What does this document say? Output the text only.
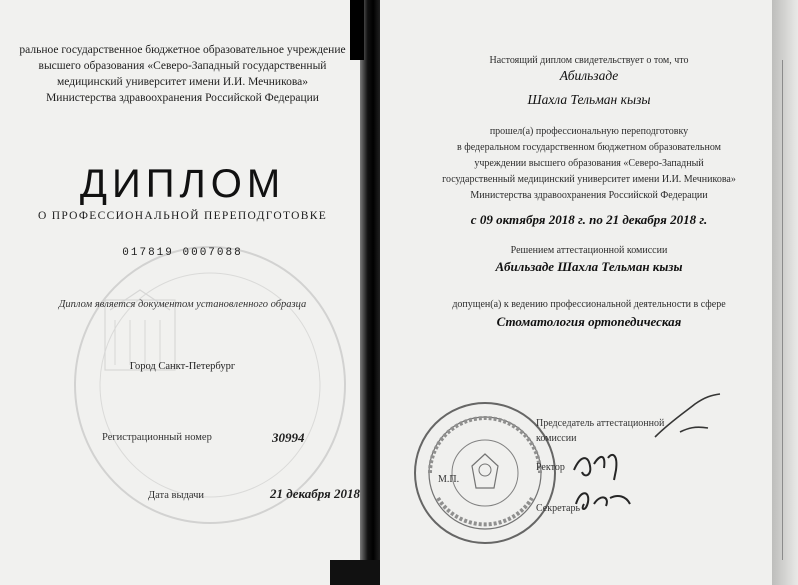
ральное государственное бюджетное образовательное учреждение
высшего образования «Северо-Западный государственный
медицинский университет имени И.И. Мечникова»
Министерства здравоохранения Российской Федерации
ДИПЛОМ
О ПРОФЕССИОНАЛЬНОЙ ПЕРЕПОДГОТОВКЕ
017819 0007088
Диплом является документом установленного образца
Город Санкт-Петербург
Регистрационный номер	30994
Дата выдачи	21 декабря 2018
Настоящий диплом свидетельствует о том, что
Абильзаде
Шахла Тельман кызы
прошел(а) профессиональную переподготовку
в федеральном государственном бюджетном образовательном
учреждении высшего образования «Северо-Западный
государственный медицинский университет имени И.И. Мечникова»
Министерства здравоохранения Российской Федерации
с 09 октября 2018 г. по 21 декабря 2018 г.
Решением аттестационной комиссии
Абильзаде Шахла Тельман кызы
допущен(а) к ведению профессиональной деятельности в сфере
Стоматология ортопедическая
М.П.
Председатель аттестационной
комиссии
Ректор
Секретарь
